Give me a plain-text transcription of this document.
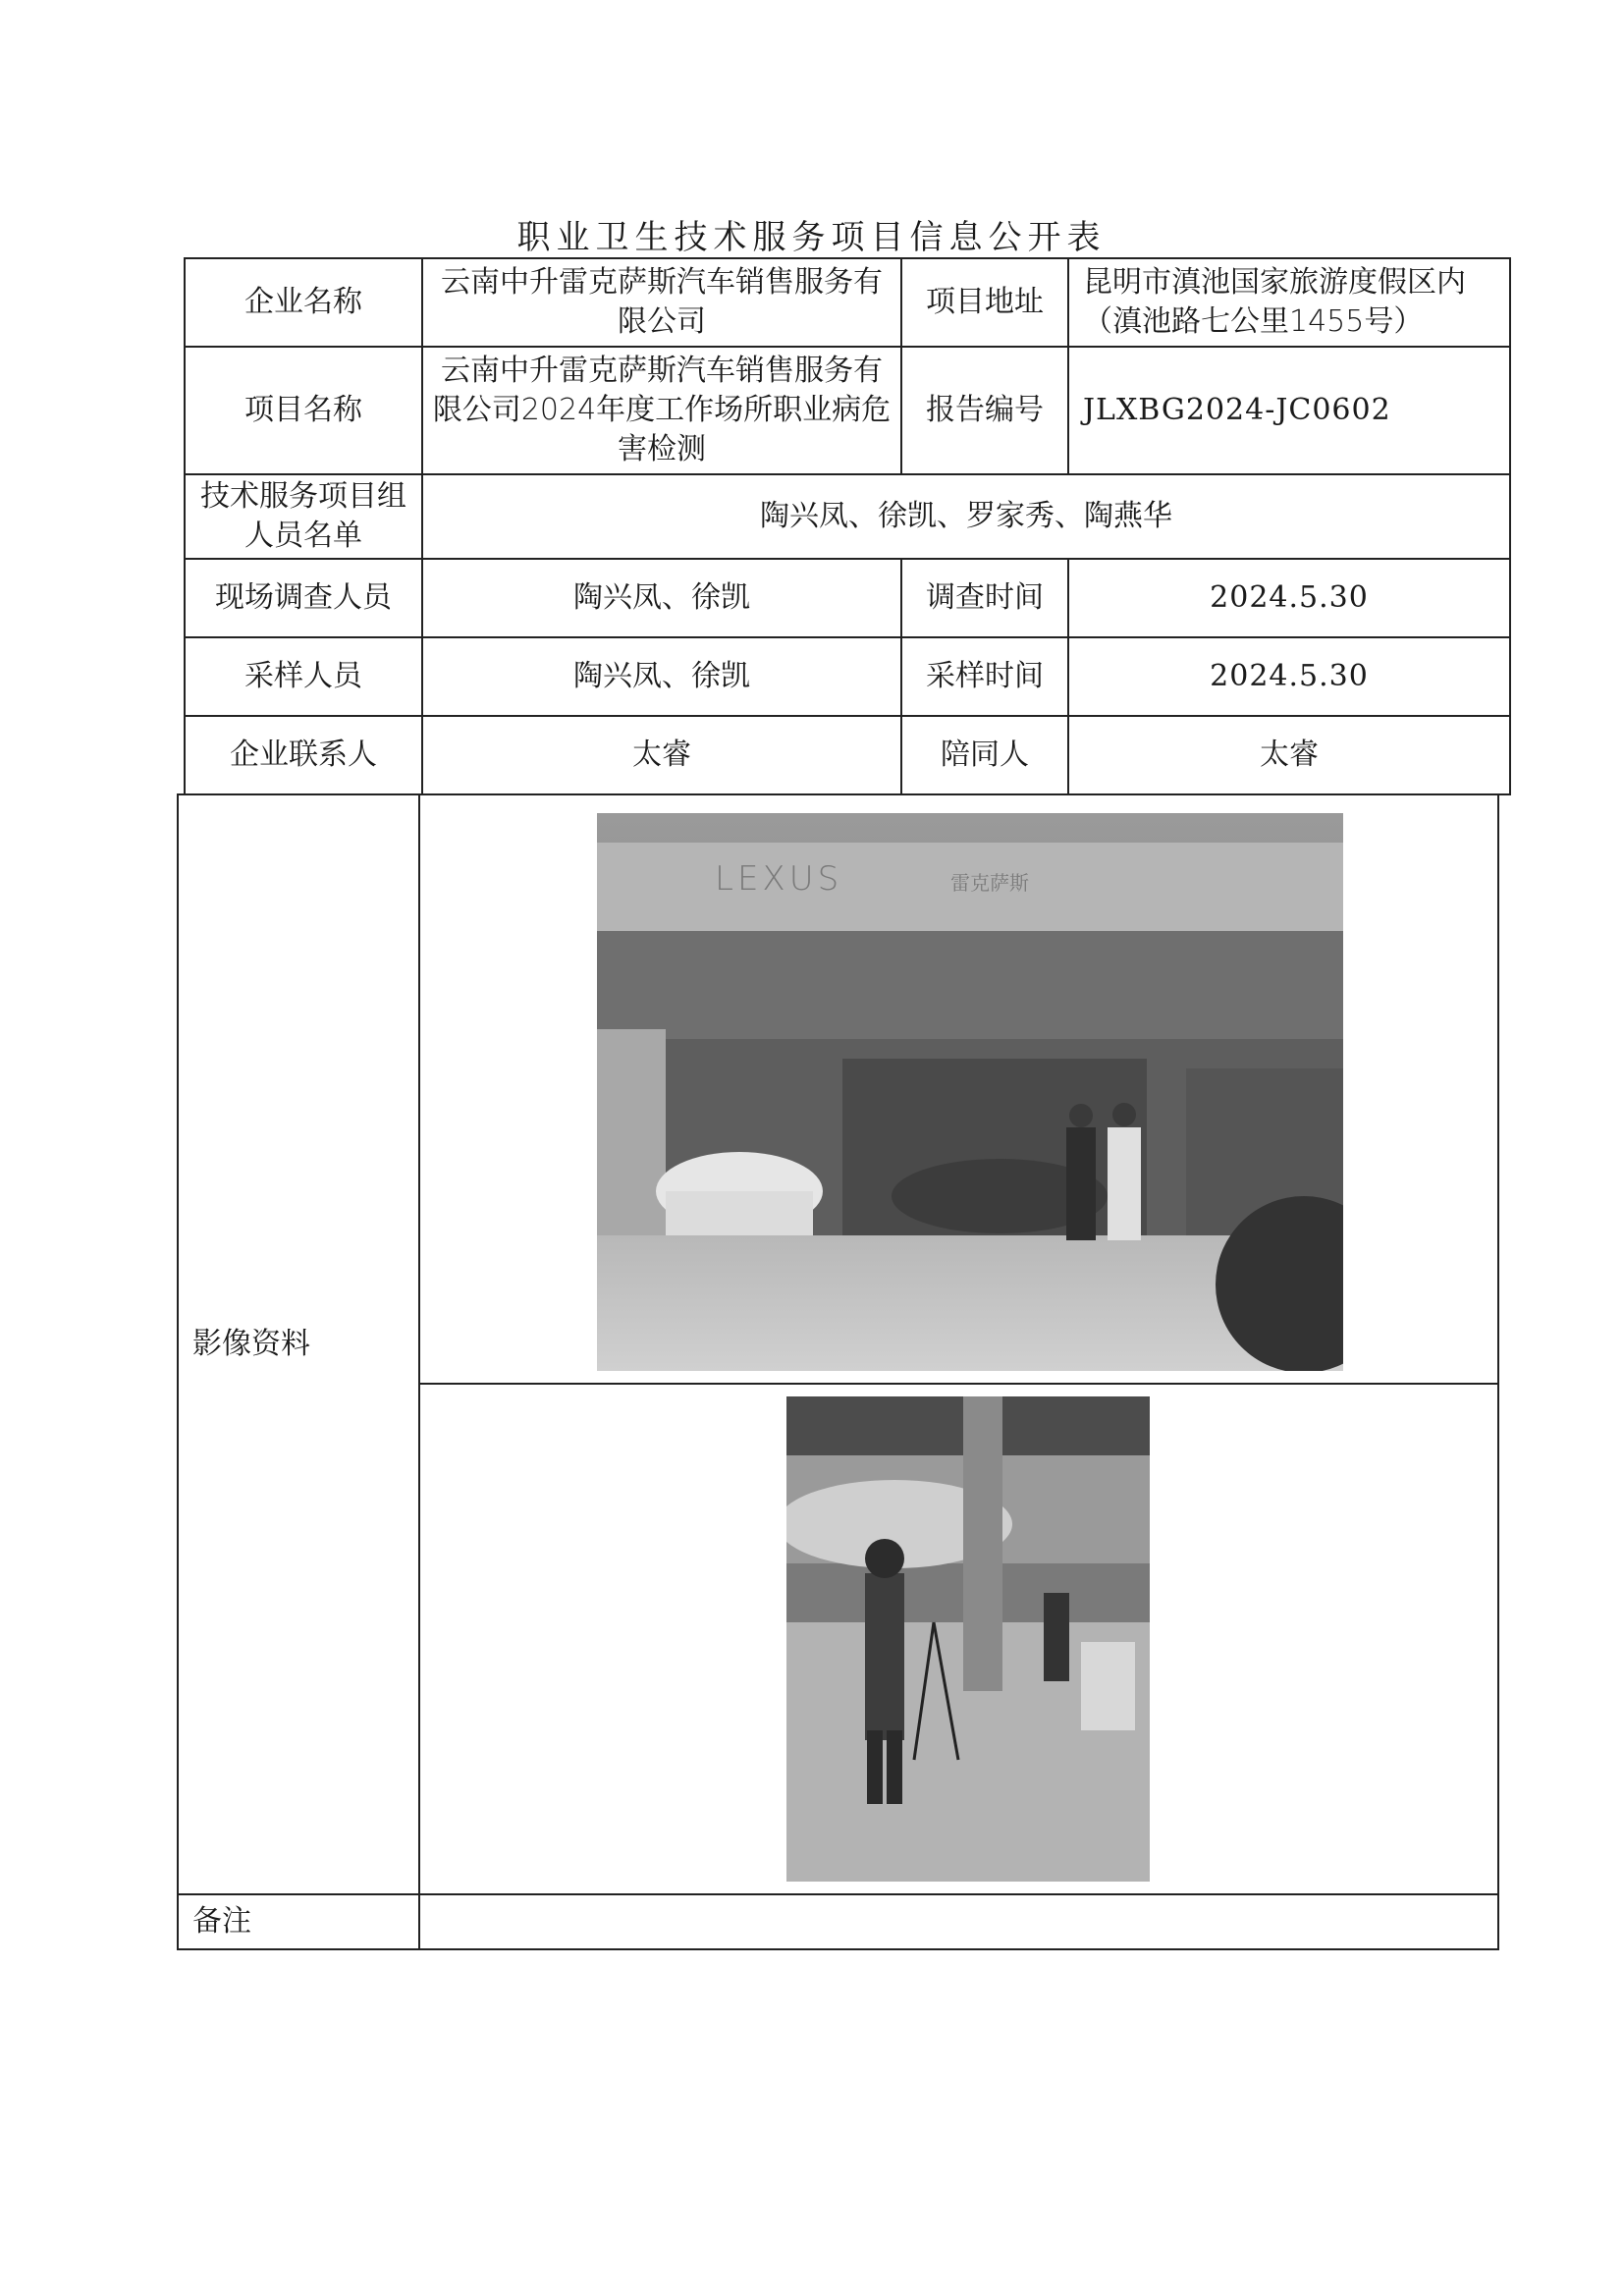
职业卫生技术服务项目信息公开表
企业名称	云南中升雷克萨斯汽车销售服务有限公司	项目地址	昆明市滇池国家旅游度假区内（滇池路七公里1455号）
项目名称	云南中升雷克萨斯汽车销售服务有限公司2024年度工作场所职业病危害检测	报告编号	JLXBG2024-JC0602
技术服务项目组人员名单	陶兴凤、徐凯、罗家秀、陶燕华		
现场调查人员	陶兴凤、徐凯	调查时间	2024.5.30
采样人员	陶兴凤、徐凯	采样时间	2024.5.30
企业联系人	太睿	陪同人	太睿
影像资料	LEXUS 雷克萨斯

备注	
